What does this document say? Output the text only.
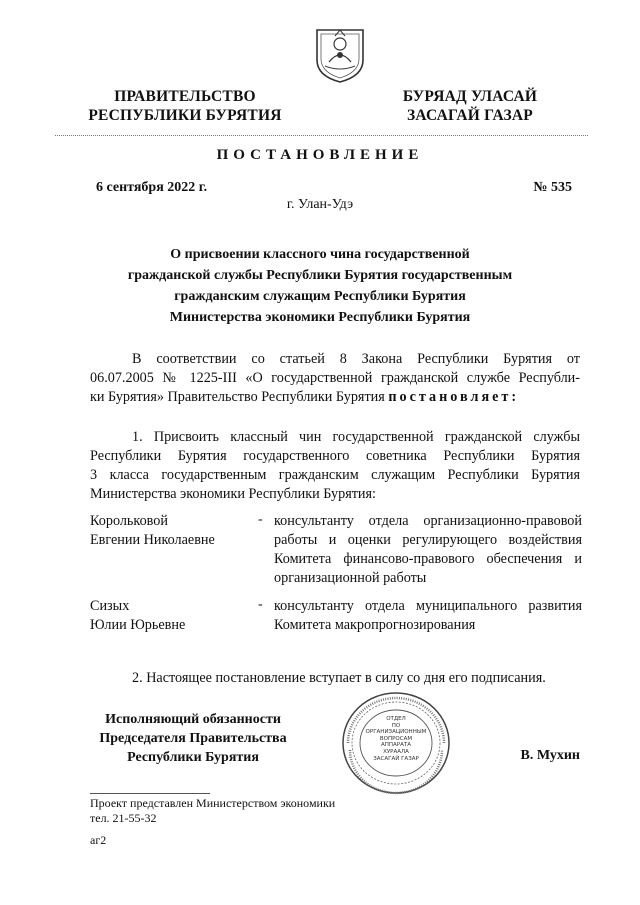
ПРАВИТЕЛЬСТВО
РЕСПУБЛИКИ БУРЯТИЯ
БУРЯАД УЛАСАЙ
ЗАСАГАЙ ГАЗАР
ПОСТАНОВЛЕНИЕ
6 сентября 2022 г.	№ 535
г. Улан-Удэ
О присвоении классного чина государственной
гражданской службы Республики Бурятия государственным
гражданским служащим Республики Бурятия
Министерства экономики Республики Бурятия
В соответствии со статьей 8 Закона Республики Бурятия от
06.07.2005 № 1225-III «О государственной гражданской службе Республи-
ки Бурятия» Правительство Республики Бурятия постановляет:
1. Присвоить классный чин государственной гражданской службы
Республики Бурятия государственного советника Республики Бурятия
3 класса государственным гражданским служащим Республики Бурятия
Министерства экономики Республики Бурятия:
Корольковой
Евгении Николаевне
- консультанту отдела организационно-правовой
работы и оценки регулирующего воздействия
Комитета финансово-правового обеспечения и
организационной работы
Сизых
Юлии Юрьевне
- консультанту отдела муниципального развития
Комитета макропрогнозирования
2. Настоящее постановление вступает в силу со дня его подписания.
Исполняющий обязанности
Председателя Правительства
Республики Бурятия
ОТДЕЛ
ПО ОРГАНИЗАЦИОННЫМ
ВОПРОСАМ
АППАРАТА
ХУРААЛА
ЗАСАГАЙ ГАЗАР	В. Мухин
Проект представлен Министерством экономики
тел. 21-55-32
аг2
